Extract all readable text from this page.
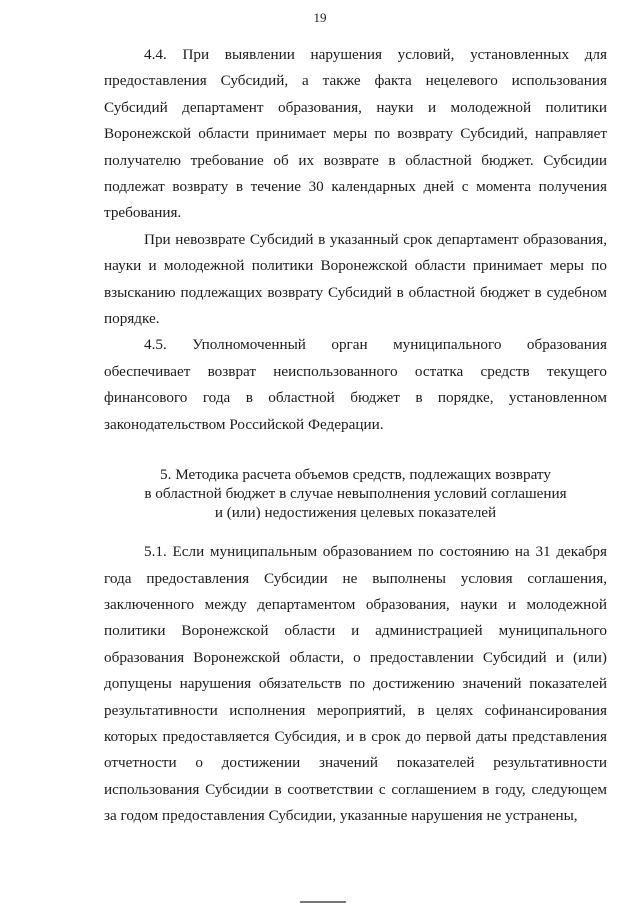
19

4.4. При выявлении нарушения условий, установленных для предоставления Субсидий, а также факта нецелевого использования Субсидий департамент образования, науки и молодежной политики Воронежской области принимает меры по возврату Субсидий, направляет получателю требование об их возврате в областной бюджет. Субсидии подлежат возврату в течение 30 календарных дней с момента получения требования.

При невозврате Субсидий в указанный срок департамент образования, науки и молодежной политики Воронежской области принимает меры по взысканию подлежащих возврату Субсидий в областной бюджет в судебном порядке.

4.5. Уполномоченный орган муниципального образования обеспечивает возврат неиспользованного остатка средств текущего финансового года в областной бюджет в порядке, установленном законодательством Российской Федерации.

5. Методика расчета объемов средств, подлежащих возврату
в областной бюджет в случае невыполнения условий соглашения
и (или) недостижения целевых показателей

5.1. Если муниципальным образованием по состоянию на 31 декабря года предоставления Субсидии не выполнены условия соглашения, заключенного между департаментом образования, науки и молодежной политики Воронежской области и администрацией муниципального образования Воронежской области, о предоставлении Субсидий и (или) допущены нарушения обязательств по достижению значений показателей результативности исполнения мероприятий, в целях софинансирования которых предоставляется Субсидия, и в срок до первой даты представления отчетности о достижении значений показателей результативности использования Субсидии в соответствии с соглашением в году, следующем за годом предоставления Субсидии, указанные нарушения не устранены,
